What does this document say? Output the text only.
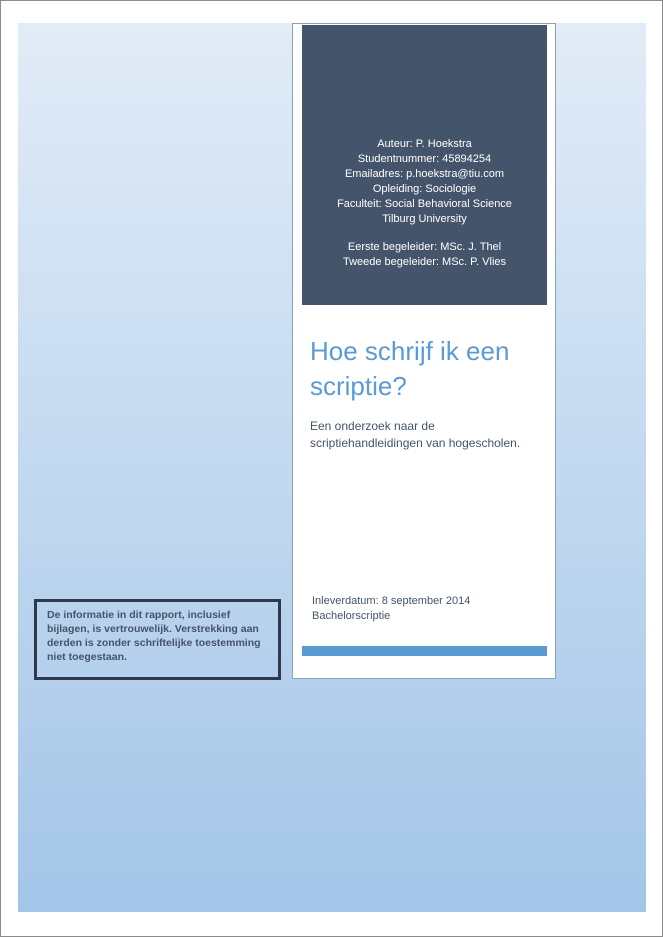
Auteur: P. Hoekstra
Studentnummer: 45894254
Emailadres: p.hoekstra@tiu.com
Opleiding: Sociologie
Faculteit: Social Behavioral Science
Tilburg University
Eerste begeleider: MSc. J. Thel
Tweede begeleider: MSc. P. Vlies
Hoe schrijf ik een scriptie?

Een onderzoek naar de scriptiehandleidingen van hogescholen.

Inleverdatum: 8 september 2014
Bachelorscriptie
De informatie in dit rapport, inclusief bijlagen, is vertrouwelijk. Verstrekking aan derden is zonder schriftelijke toestemming niet toegestaan.
